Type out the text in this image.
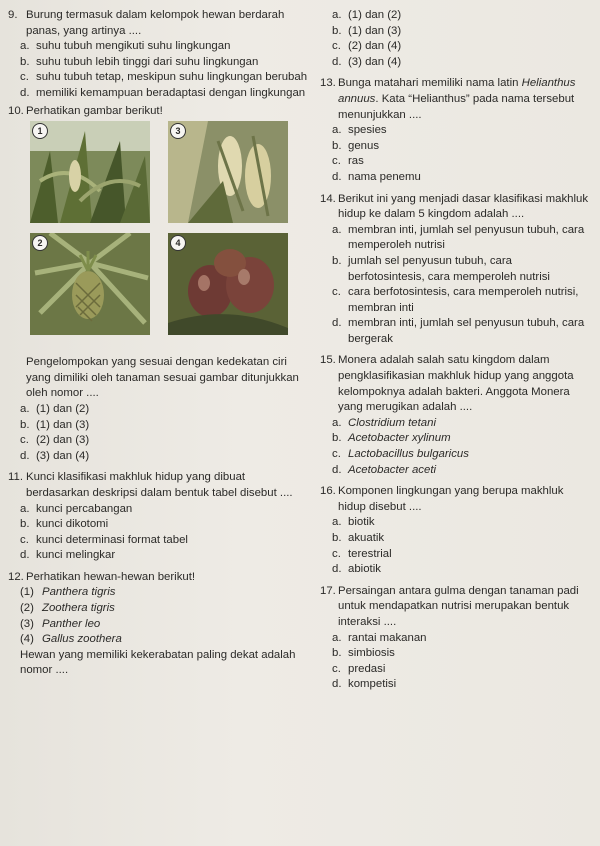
9. Burung termasuk dalam kelompok hewan berdarah panas, yang artinya ....
a. suhu tubuh mengikuti suhu lingkungan
b. suhu tubuh lebih tinggi dari suhu lingkungan
c. suhu tubuh tetap, meskipun suhu lingkungan berubah
d. memiliki kemampuan beradaptasi dengan lingkungan
10. Perhatikan gambar berikut!
1	3
2	4
Pengelompokan yang sesuai dengan kedekatan ciri yang dimiliki oleh tanaman sesuai gambar ditunjukkan oleh nomor ....
a. (1) dan (2)
b. (1) dan (3)
c. (2) dan (3)
d. (3) dan (4)
11. Kunci klasifikasi makhluk hidup yang dibuat berdasarkan deskripsi dalam bentuk tabel disebut ....
a. kunci percabangan
b. kunci dikotomi
c. kunci determinasi format tabel
d. kunci melingkar
12. Perhatikan hewan-hewan berikut!
(1) Panthera tigris
(2) Zoothera tigris
(3) Panther leo
(4) Gallus zoothera
Hewan yang memiliki kekerabatan paling dekat adalah nomor ....
a. (1) dan (2)
b. (1) dan (3)
c. (2) dan (4)
d. (3) dan (4)
13. Bunga matahari memiliki nama latin Helianthus annuus. Kata “Helianthus” pada nama tersebut menunjukkan ....
a. spesies
b. genus
c. ras
d. nama penemu
14. Berikut ini yang menjadi dasar klasifikasi makhluk hidup ke dalam 5 kingdom adalah ....
a. membran inti, jumlah sel penyusun tubuh, cara memperoleh nutrisi
b. jumlah sel penyusun tubuh, cara berfotosintesis, cara memperoleh nutrisi
c. cara berfotosintesis, cara memperoleh nutrisi, membran inti
d. membran inti, jumlah sel penyusun tubuh, cara bergerak
15. Monera adalah salah satu kingdom dalam pengklasifikasian makhluk hidup yang anggota kelompoknya adalah bakteri. Anggota Monera yang merugikan adalah ....
a. Clostridium tetani
b. Acetobacter xylinum
c. Lactobacillus bulgaricus
d. Acetobacter aceti
16. Komponen lingkungan yang berupa makhluk hidup disebut ....
a. biotik
b. akuatik
c. terestrial
d. abiotik
17. Persaingan antara gulma dengan tanaman padi untuk mendapatkan nutrisi merupakan bentuk interaksi ....
a. rantai makanan
b. simbiosis
c. predasi
d. kompetisi
